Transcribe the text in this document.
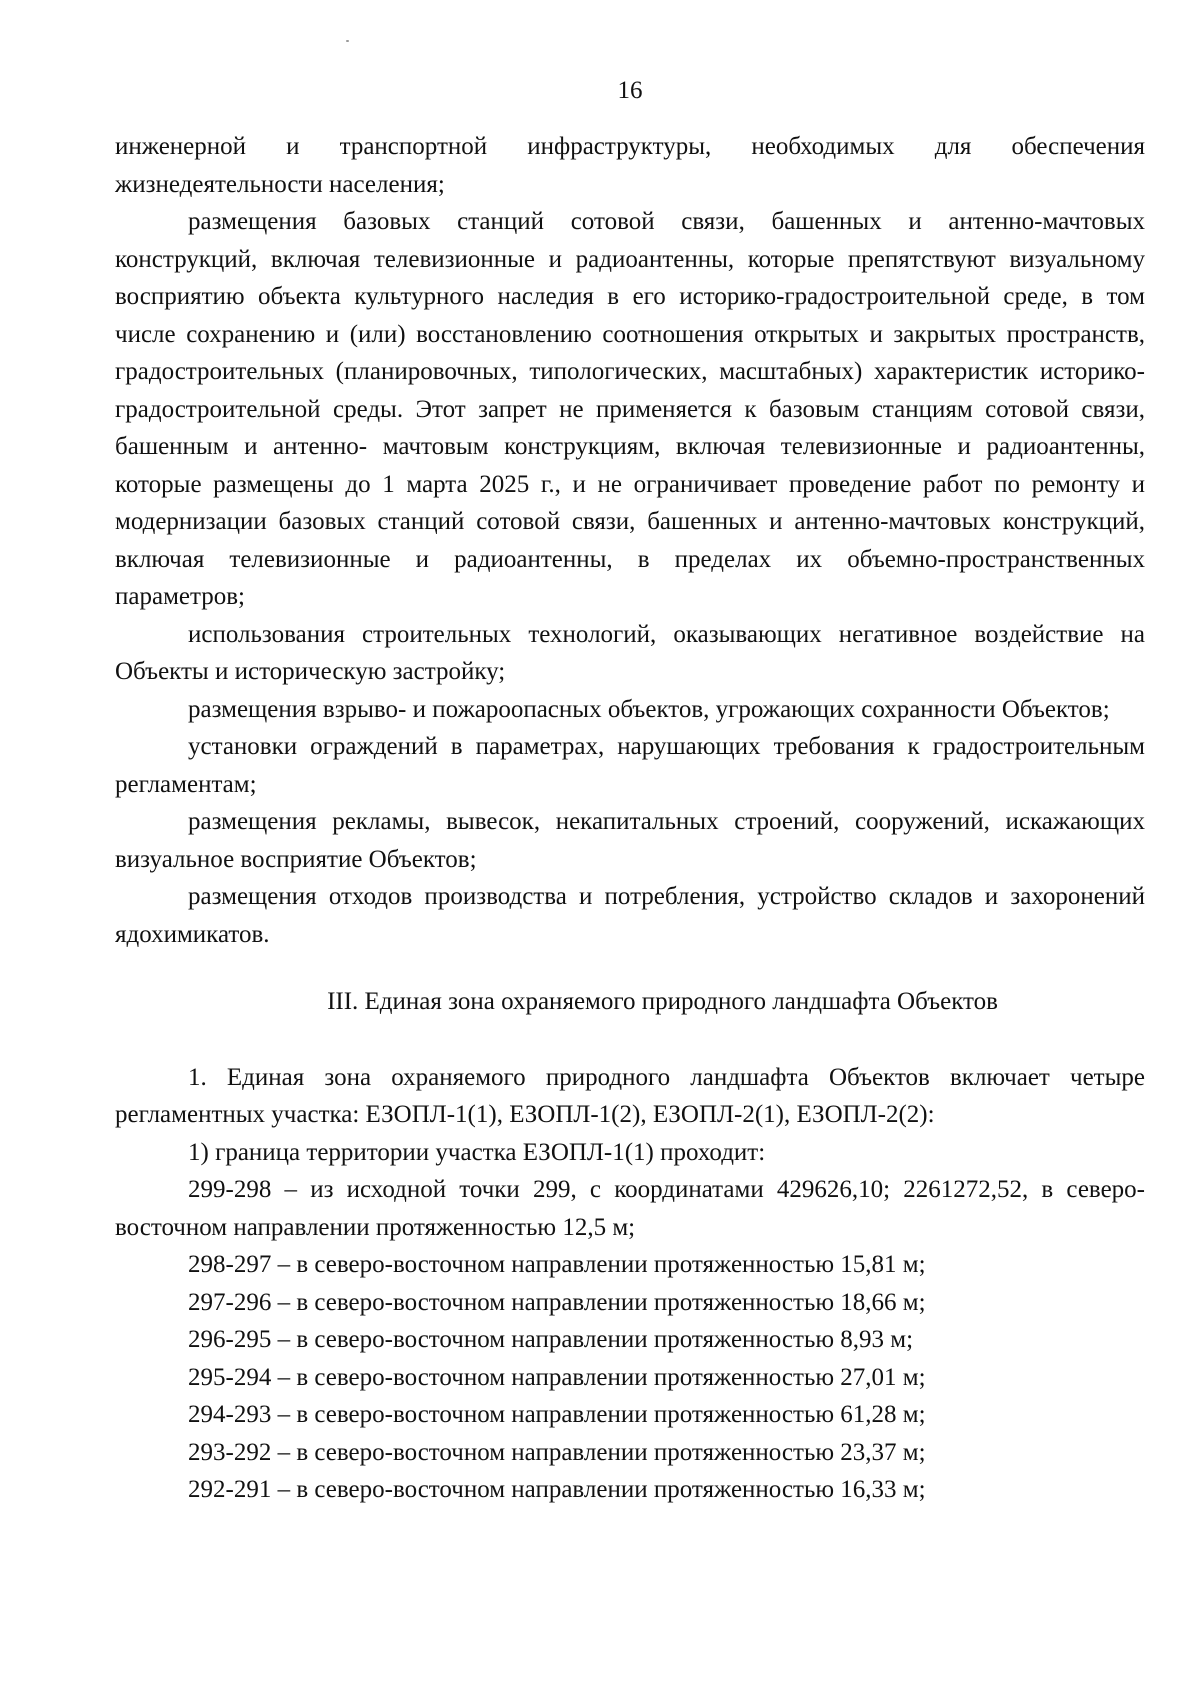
16

инженерной и транспортной инфраструктуры, необходимых для обеспечения жизнедеятельности населения;

размещения базовых станций сотовой связи, башенных и антенно-мачтовых конструкций, включая телевизионные и радиоантенны, которые препятствуют визуальному восприятию объекта культурного наследия в его историко-градостроительной среде, в том числе сохранению и (или) восстановлению соотношения открытых и закрытых пространств, градостроительных (планировочных, типологических, масштабных) характеристик историко-градостроительной среды. Этот запрет не применяется к базовым станциям сотовой связи, башенным и антенно- мачтовым конструкциям, включая телевизионные и радиоантенны, которые размещены до 1 марта 2025 г., и не ограничивает проведение работ по ремонту и модернизации базовых станций сотовой связи, башенных и антенно-мачтовых конструкций, включая телевизионные и радиоантенны, в пределах их объемно-пространственных параметров;

использования строительных технологий, оказывающих негативное воздействие на Объекты и историческую застройку;

размещения взрыво- и пожароопасных объектов, угрожающих сохранности Объектов;

установки ограждений в параметрах, нарушающих требования к градостроительным регламентам;

размещения рекламы, вывесок, некапитальных строений, сооружений, искажающих визуальное восприятие Объектов;

размещения отходов производства и потребления, устройство складов и захоронений ядохимикатов.

III. Единая зона охраняемого природного ландшафта Объектов

1. Единая зона охраняемого природного ландшафта Объектов включает четыре регламентных участка: ЕЗОПЛ-1(1), ЕЗОПЛ-1(2), ЕЗОПЛ-2(1), ЕЗОПЛ-2(2):

1) граница территории участка ЕЗОПЛ-1(1) проходит:

299-298 – из исходной точки 299, с координатами 429626,10; 2261272,52, в северо-восточном направлении протяженностью 12,5 м;

298-297 – в северо-восточном направлении протяженностью 15,81 м;

297-296 – в северо-восточном направлении протяженностью 18,66 м;

296-295 – в северо-восточном направлении протяженностью 8,93 м;

295-294 – в северо-восточном направлении протяженностью 27,01 м;

294-293 – в северо-восточном направлении протяженностью 61,28 м;

293-292 – в северо-восточном направлении протяженностью 23,37 м;

292-291 – в северо-восточном направлении протяженностью 16,33 м;
